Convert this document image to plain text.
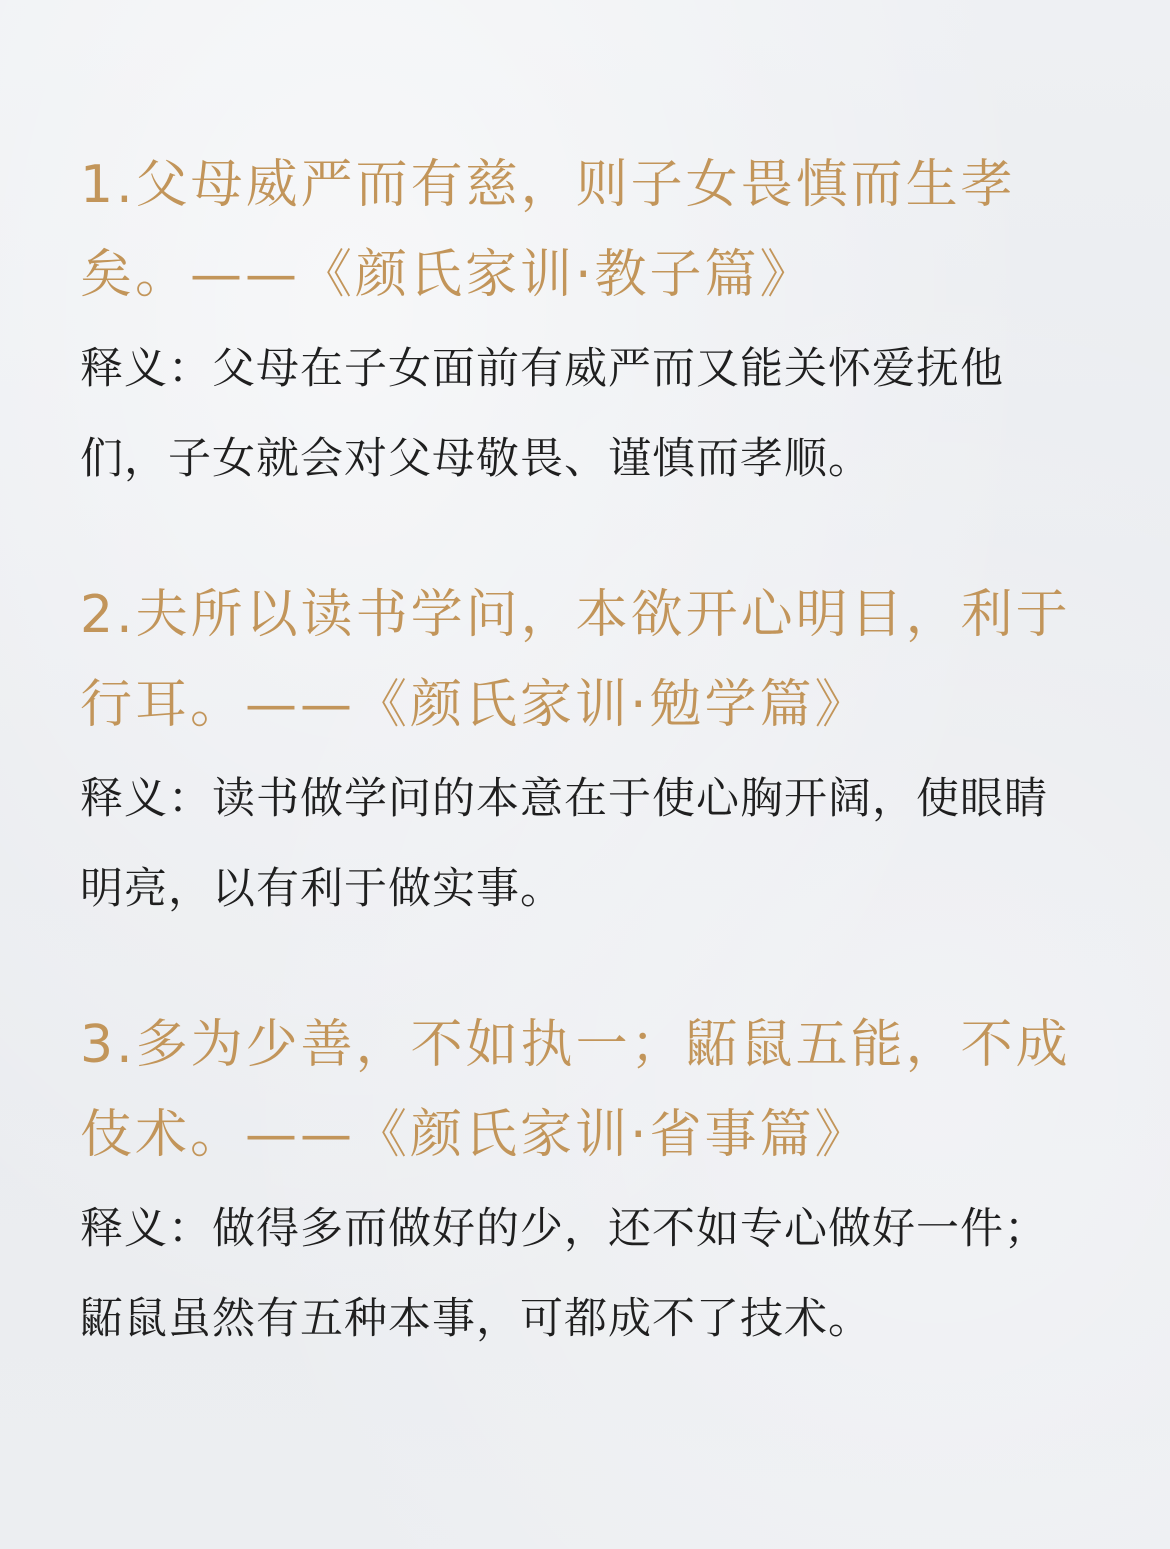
1.父母威严而有慈，则子女畏慎而生孝矣。——《颜氏家训·教子篇》

释义：父母在子女面前有威严而又能关怀爱抚他们，子女就会对父母敬畏、谨慎而孝顺。

2.夫所以读书学问，本欲开心明目，利于行耳。——《颜氏家训·勉学篇》

释义：读书做学问的本意在于使心胸开阔，使眼睛明亮，以有利于做实事。

3.多为少善，不如执一；鼫鼠五能，不成伎术。——《颜氏家训·省事篇》

释义：做得多而做好的少，还不如专心做好一件；鼫鼠虽然有五种本事，可都成不了技术。
